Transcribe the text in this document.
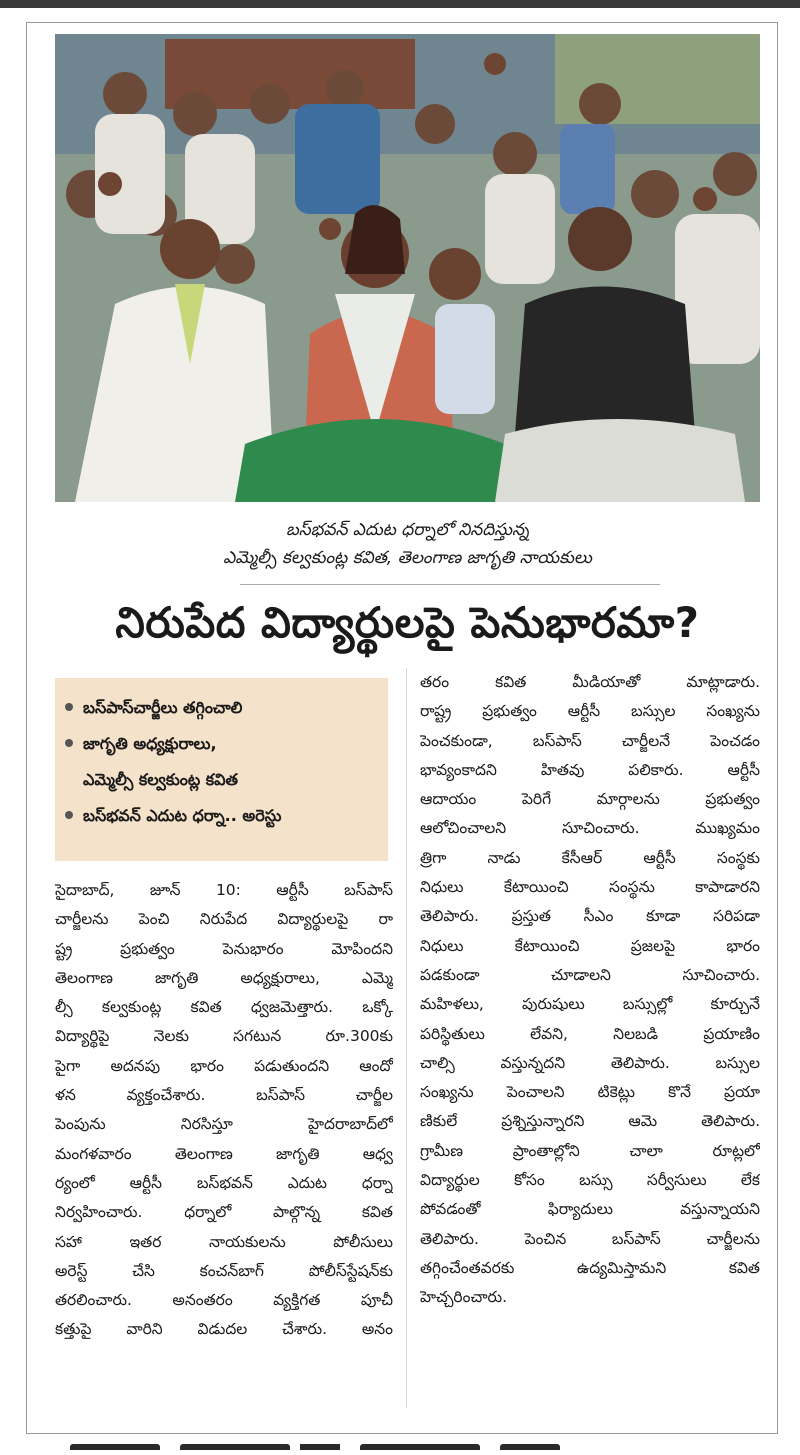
బస్‌భవన్ ఎదుట ధర్నాలో నినదిస్తున్న
ఎమ్మెల్సీ కల్వకుంట్ల కవిత, తెలంగాణ జాగృతి నాయకులు
నిరుపేద విద్యార్థులపై పెనుభారమా?
బస్‌పాస్‌చార్జీలు తగ్గించాలి
జాగృతి అధ్యక్షురాలు,
ఎమ్మెల్సీ కల్వకుంట్ల కవిత
బస్‌భవన్ ఎదుట ధర్నా.. అరెస్టు
సైదాబాద్, జూన్ 10: ఆర్టీసీ బస్‌పాస్
చార్జీలను పెంచి నిరుపేద విద్యార్థులపై రా
ష్ట్ర ప్రభుత్వం పెనుభారం మోపిందని
తెలంగాణ జాగృతి అధ్యక్షురాలు, ఎమ్మె
ల్సీ కల్వకుంట్ల కవిత ధ్వజమెత్తారు. ఒక్కో
విద్యార్థిపై నెలకు సగటున రూ.300కు
పైగా అదనపు భారం పడుతుందని ఆందో
ళన వ్యక్తంచేశారు. బస్‌పాస్ చార్జీల
పెంపును నిరసిస్తూ హైదరాబాద్‌లో
మంగళవారం తెలంగాణ జాగృతి ఆధ్వ
ర్యంలో ఆర్టీసీ బస్‌భవన్ ఎదుట ధర్నా
నిర్వహించారు. ధర్నాలో పాల్గొన్న కవిత
సహా ఇతర నాయకులను పోలీసులు
అరెస్ట్ చేసి కంచన్‌బాగ్ పోలీస్‌స్టేషన్‌కు
తరలించారు. అనంతరం వ్యక్తిగత పూచీ
కత్తుపై వారిని విడుదల చేశారు. అనం
తరం కవిత మీడియాతో మాట్లాడారు.
రాష్ట్ర ప్రభుత్వం ఆర్టీసీ బస్సుల సంఖ్యను
పెంచకుండా, బస్‌పాస్ చార్జీలనే పెంచడం
భావ్యంకాదని హితవు పలికారు. ఆర్టీసీ
ఆదాయం పెరిగే మార్గాలను ప్రభుత్వం
ఆలోచించాలని సూచించారు. ముఖ్యమం
త్రిగా నాడు కేసీఆర్ ఆర్టీసీ సంస్థకు
నిధులు కేటాయించి సంస్థను కాపాడారని
తెలిపారు. ప్రస్తుత సీఎం కూడా సరిపడా
నిధులు కేటాయించి ప్రజలపై భారం
పడకుండా చూడాలని సూచించారు.
మహిళలు, పురుషులు బస్సుల్లో కూర్చునే
పరిస్థితులు లేవని, నిలబడి ప్రయాణిం
చాల్సి వస్తున్నదని తెలిపారు. బస్సుల
సంఖ్యను పెంచాలని టికెట్లు కొనే ప్రయా
ణికులే ప్రశ్నిస్తున్నారని ఆమె తెలిపారు.
గ్రామీణ ప్రాంతాల్లోని చాలా రూట్లలో
విద్యార్థుల కోసం బస్సు సర్వీసులు లేక
పోవడంతో ఫిర్యాదులు వస్తున్నాయని
తెలిపారు. పెంచిన బస్‌పాస్ చార్జీలను
తగ్గించేంతవరకు ఉద్యమిస్తామని కవిత
హెచ్చరించారు.
